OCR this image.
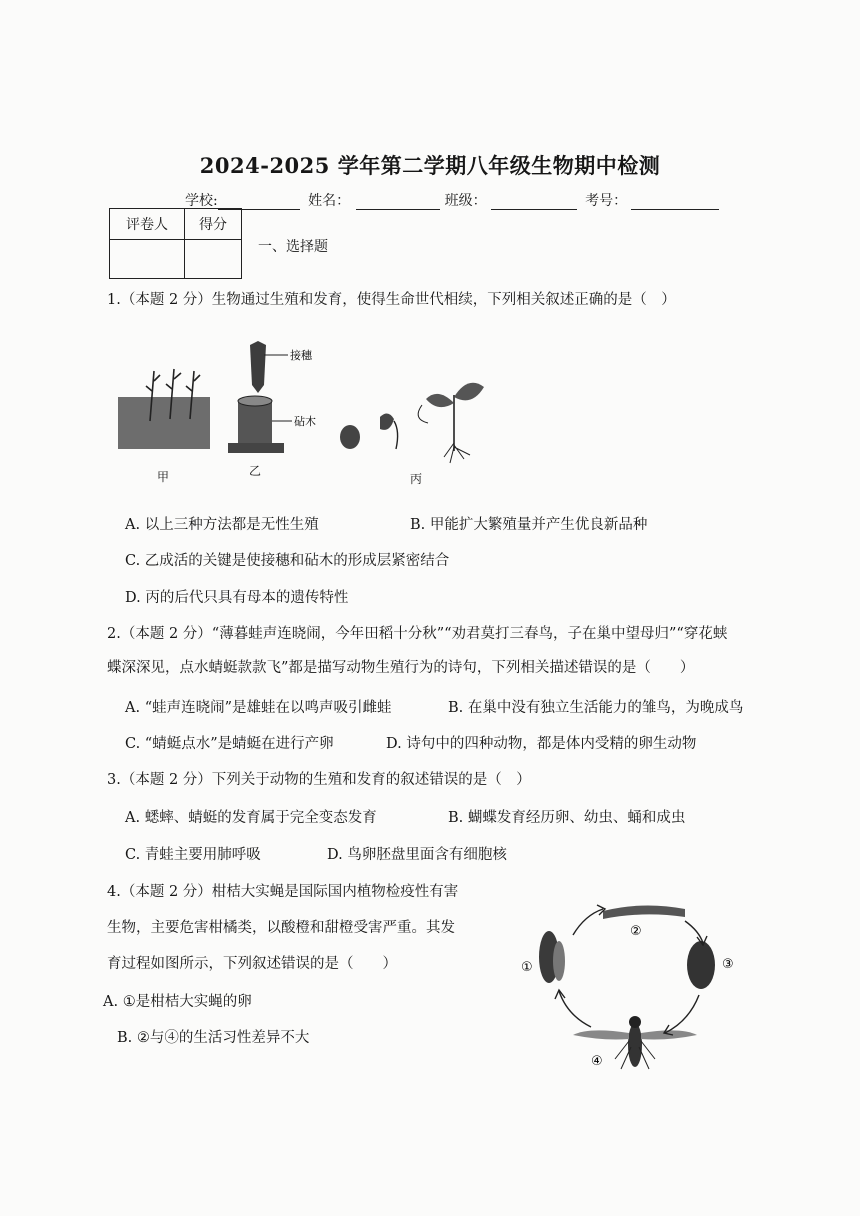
2024-2025 学年第二学期八年级生物期中检测
学校:	姓名：	班级：	考号：
评卷人	得分

一、选择题
1.（本题 2 分）生物通过生殖和发育，使得生命世代相续，下列相关叙述正确的是（　）
接穗
砧木
甲	乙
丙
A. 以上三种方法都是无性生殖	B. 甲能扩大繁殖量并产生优良新品种
C. 乙成活的关键是使接穗和砧木的形成层紧密结合
D. 丙的后代只具有母本的遗传特性
2.（本题 2 分）“薄暮蛙声连晓闹，今年田稻十分秋”“劝君莫打三春鸟，子在巢中望母归”“穿花蛱
蝶深深见，点水蜻蜓款款飞”都是描写动物生殖行为的诗句，下列相关描述错误的是（　　）
A. “蛙声连晓闹”是雄蛙在以鸣声吸引雌蛙	B. 在巢中没有独立生活能力的雏鸟，为晚成鸟
C. “蜻蜓点水”是蜻蜓在进行产卵	D. 诗句中的四种动物，都是体内受精的卵生动物
3.（本题 2 分）下列关于动物的生殖和发育的叙述错误的是（　）
A. 蟋蟀、蜻蜓的发育属于完全变态发育	B. 蝴蝶发育经历卵、幼虫、蛹和成虫
C. 青蛙主要用肺呼吸	D. 鸟卵胚盘里面含有细胞核
4.（本题 2 分）柑桔大实蝇是国际国内植物检疫性有害
生物，主要危害柑橘类，以酸橙和甜橙受害严重。其发
育过程如图所示，下列叙述错误的是（　　）
A. ①是柑桔大实蝇的卵
B. ②与④的生活习性差异不大
①
②
③
④
